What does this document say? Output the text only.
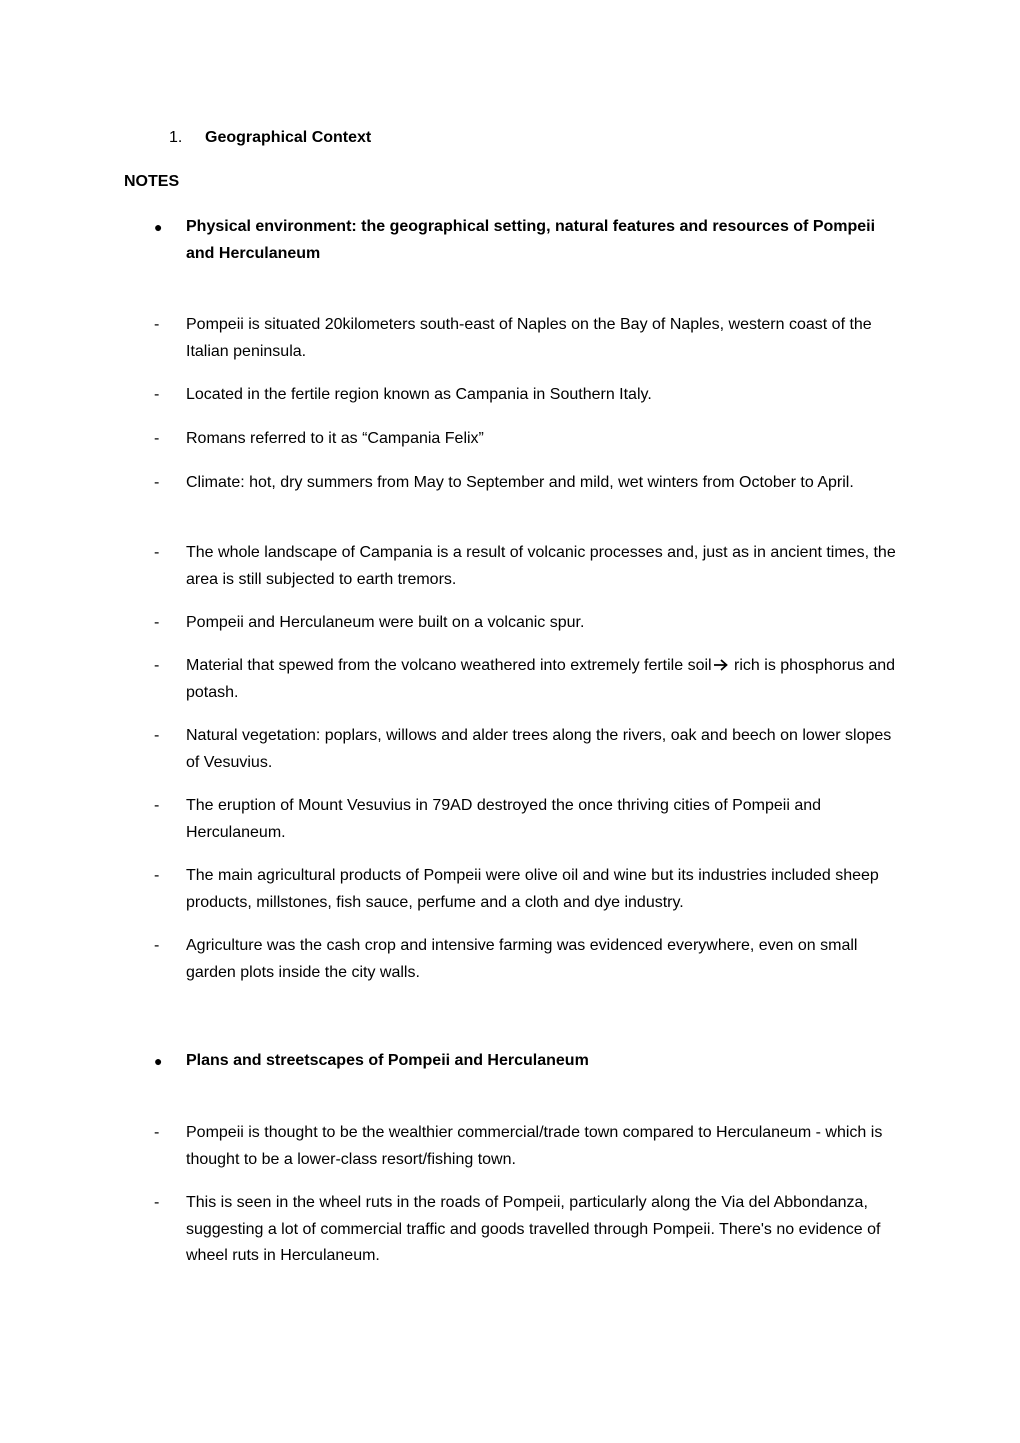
1. Geographical Context
NOTES
●	Physical environment: the geographical setting, natural features and resources of Pompeii and Herculaneum
-	Pompeii is situated 20kilometers south-east of Naples on the Bay of Naples, western coast of the Italian peninsula.
-	Located in the fertile region known as Campania in Southern Italy.
-	Romans referred to it as “Campania Felix”
-	Climate: hot, dry summers from May to September and mild, wet winters from October to April.
-	The whole landscape of Campania is a result of volcanic processes and, just as in ancient times, the area is still subjected to earth tremors.
-	Pompeii and Herculaneum were built on a volcanic spur.
-	Material that spewed from the volcano weathered into extremely fertile soil rich is phosphorus and potash.
-	Natural vegetation: poplars, willows and alder trees along the rivers, oak and beech on lower slopes of Vesuvius.
-	The eruption of Mount Vesuvius in 79AD destroyed the once thriving cities of Pompeii and Herculaneum.
-	The main agricultural products of Pompeii were olive oil and wine but its industries included sheep products, millstones, fish sauce, perfume and a cloth and dye industry.
-	Agriculture was the cash crop and intensive farming was evidenced everywhere, even on small garden plots inside the city walls.
●	Plans and streetscapes of Pompeii and Herculaneum
-	Pompeii is thought to be the wealthier commercial/trade town compared to Herculaneum - which is thought to be a lower-class resort/fishing town.
-	This is seen in the wheel ruts in the roads of Pompeii, particularly along the Via del Abbondanza, suggesting a lot of commercial traffic and goods travelled through Pompeii. There's no evidence of wheel ruts in Herculaneum.
